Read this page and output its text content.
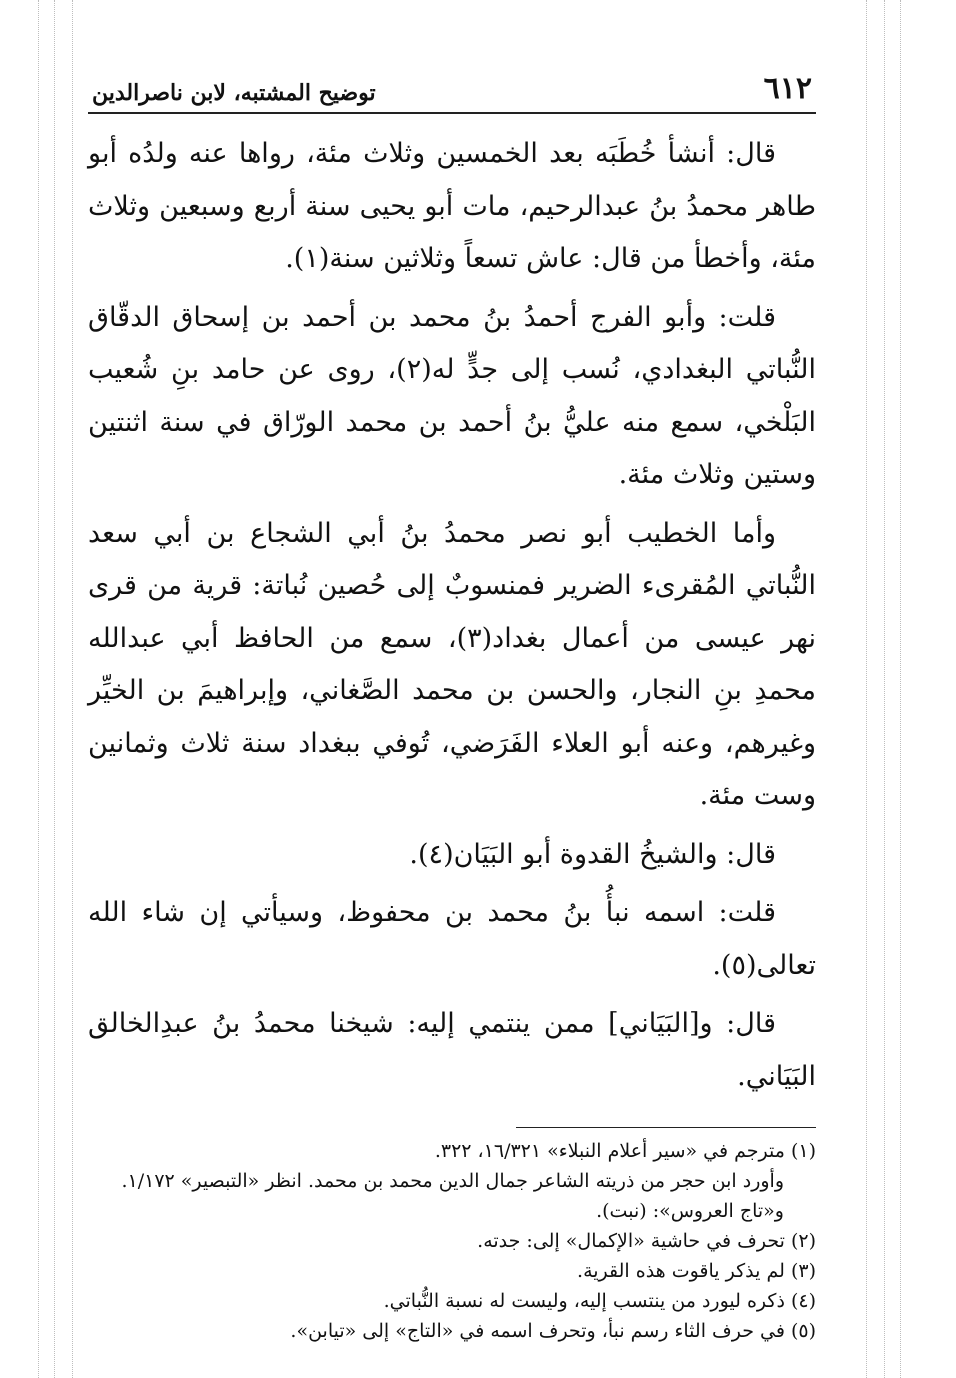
٦١٢
توضيح المشتبه، لابن ناصرالدين

قال: أنشأ خُطَبَه بعد الخمسين وثلاث مئة، رواها عنه ولدُه أبو طاهر محمدُ بنُ عبدالرحيم، مات أبو يحيى سنة أربع وسبعين وثلاث مئة، وأخطأ من قال: عاش تسعاً وثلاثين سنة(١).

قلت: وأبو الفرج أحمدُ بنُ محمد بن أحمد بن إسحاق الدقّاق النُّباتي البغدادي، نُسب إلى جدٍّ له(٢)، روى عن حامد بنِ شُعيب البَلْخي، سمع منه عليُّ بنُ أحمد بن محمد الورّاق في سنة اثنتين وستين وثلاث مئة.

وأما الخطيب أبو نصر محمدُ بنُ أبي الشجاع بن أبي سعد النُّباتي المُقرىء الضرير فمنسوبٌ إلى حُصين نُباتة: قرية من قرى نهر عيسى من أعمال بغداد(٣)، سمع من الحافظ أبي عبدالله محمدِ بنِ النجار، والحسن بن محمد الصَّغاني، وإبراهيمَ بن الخيِّر وغيرهم، وعنه أبو العلاء الفَرَضي، تُوفي ببغداد سنة ثلاث وثمانين وست مئة.

قال: والشيخُ القدوة أبو البَيَان(٤).

قلت: اسمه نبأُ بنُ محمد بن محفوظ، وسيأتي إن شاء الله تعالى(٥).

قال: و[البَيَاني] ممن ينتمي إليه: شيخنا محمدُ بنُ عبدِالخالق البَيَاني.

(١) مترجم في «سير أعلام النبلاء» ١٦/٣٢١، ٣٢٢.

وأورد ابن حجر من ذريته الشاعر جمال الدين محمد بن محمد. انظر «التبصير» ١/١٧٢. و«تاج العروس»: (نبت).

(٢) تحرف في حاشية «الإكمال» إلى: جدته.

(٣) لم يذكر ياقوت هذه القرية.

(٤) ذكره ليورد من ينتسب إليه، وليست له نسبة النُّباتي.

(٥) في حرف الثاء رسم نبأ، وتحرف اسمه في «التاج» إلى «تيابن».
